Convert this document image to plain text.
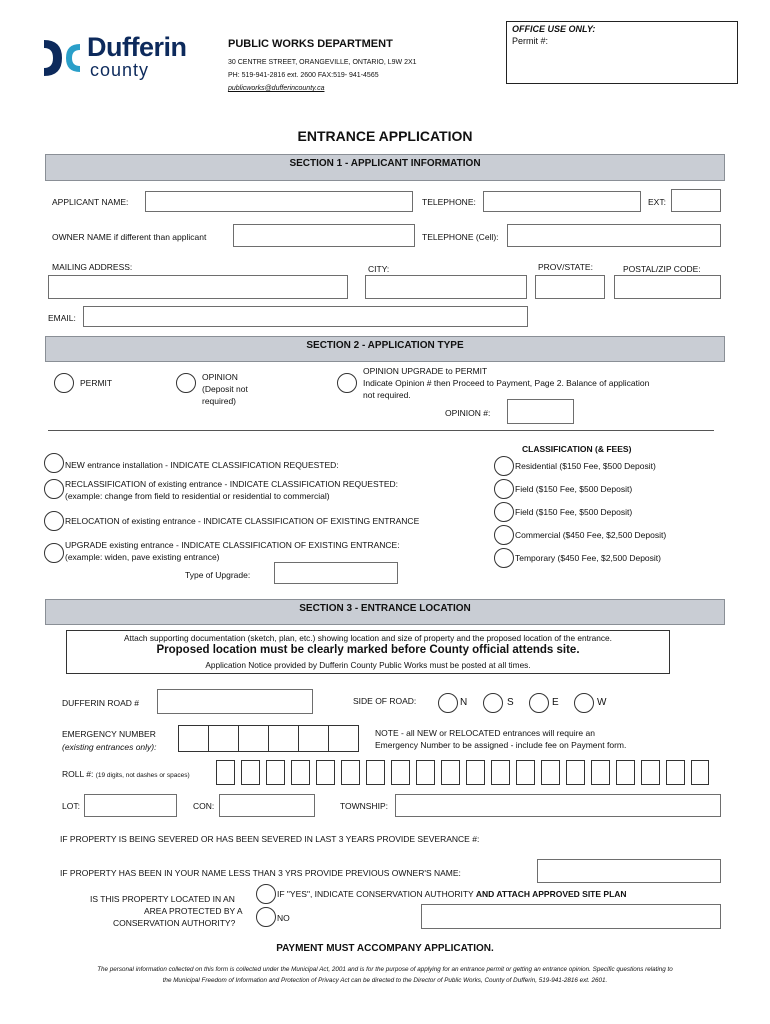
Dufferin
county
PUBLIC WORKS DEPARTMENT
30 CENTRE STREET, ORANGEVILLE, ONTARIO, L9W 2X1
PH: 519-941-2816 ext. 2600 FAX:519- 941-4565
publicworks@dufferincounty.ca
OFFICE USE ONLY:
Permit #:
ENTRANCE APPLICATION
SECTION 1 - APPLICANT INFORMATION
APPLICANT NAME:	TELEPHONE:	EXT:
OWNER NAME if different than applicant	TELEPHONE (Cell):
MAILING ADDRESS:	CITY:	PROV/STATE:	POSTAL/ZIP CODE:
EMAIL:
SECTION 2 - APPLICATION TYPE
PERMIT
OPINION
(Deposit not
required)
OPINION UPGRADE to PERMIT
Indicate Opinion # then Proceed to Payment, Page 2. Balance of application
not required.
OPINION #:
CLASSIFICATION (& FEES)
NEW entrance installation - INDICATE CLASSIFICATION REQUESTED:
RECLASSIFICATION of existing entrance - INDICATE CLASSIFICATION REQUESTED:
(example: change from field to residential or residential to commercial)
RELOCATION of existing entrance - INDICATE CLASSIFICATION OF EXISTING ENTRANCE
UPGRADE existing entrance - INDICATE CLASSIFICATION OF EXISTING ENTRANCE:
(example: widen, pave existing entrance)
Type of Upgrade:
Residential ($150 Fee, $500 Deposit)
Field ($150 Fee, $500 Deposit)
Field ($150 Fee, $500 Deposit)
Commercial ($450 Fee, $2,500 Deposit)
Temporary ($450 Fee, $2,500 Deposit)
SECTION 3 - ENTRANCE LOCATION
Attach supporting documentation (sketch, plan, etc.) showing location and size of property and the proposed location of the entrance.
Proposed location must be clearly marked before County official attends site.
Application Notice provided by Dufferin County Public Works must be posted at all times.
DUFFERIN ROAD #	SIDE OF ROAD:	N	S	E	W
EMERGENCY NUMBER
(existing entrances only):
NOTE - all NEW or RELOCATED entrances will require an
Emergency Number to be assigned - include fee on Payment form.
ROLL #: (19 digits, not dashes or spaces)
LOT:	CON:	TOWNSHIP:
IF PROPERTY IS BEING SEVERED OR HAS BEEN SEVERED IN LAST 3 YEARS PROVIDE SEVERANCE #:
IF PROPERTY HAS BEEN IN YOUR NAME LESS THAN 3 YRS PROVIDE PREVIOUS OWNER'S NAME:
IS THIS PROPERTY LOCATED IN AN
AREA PROTECTED BY A
CONSERVATION AUTHORITY?
IF "YES", INDICATE CONSERVATION AUTHORITY AND ATTACH APPROVED SITE PLAN
NO
PAYMENT MUST ACCOMPANY APPLICATION.
The personal information collected on this form is collected under the Municipal Act, 2001 and is for the purpose of applying for an entrance permit or getting an entrance opinion. Specific questions relating to
the Municipal Freedom of Information and Protection of Privacy Act can be directed to the Director of Public Works, County of Dufferin, 519-941-2816 ext. 2601.
